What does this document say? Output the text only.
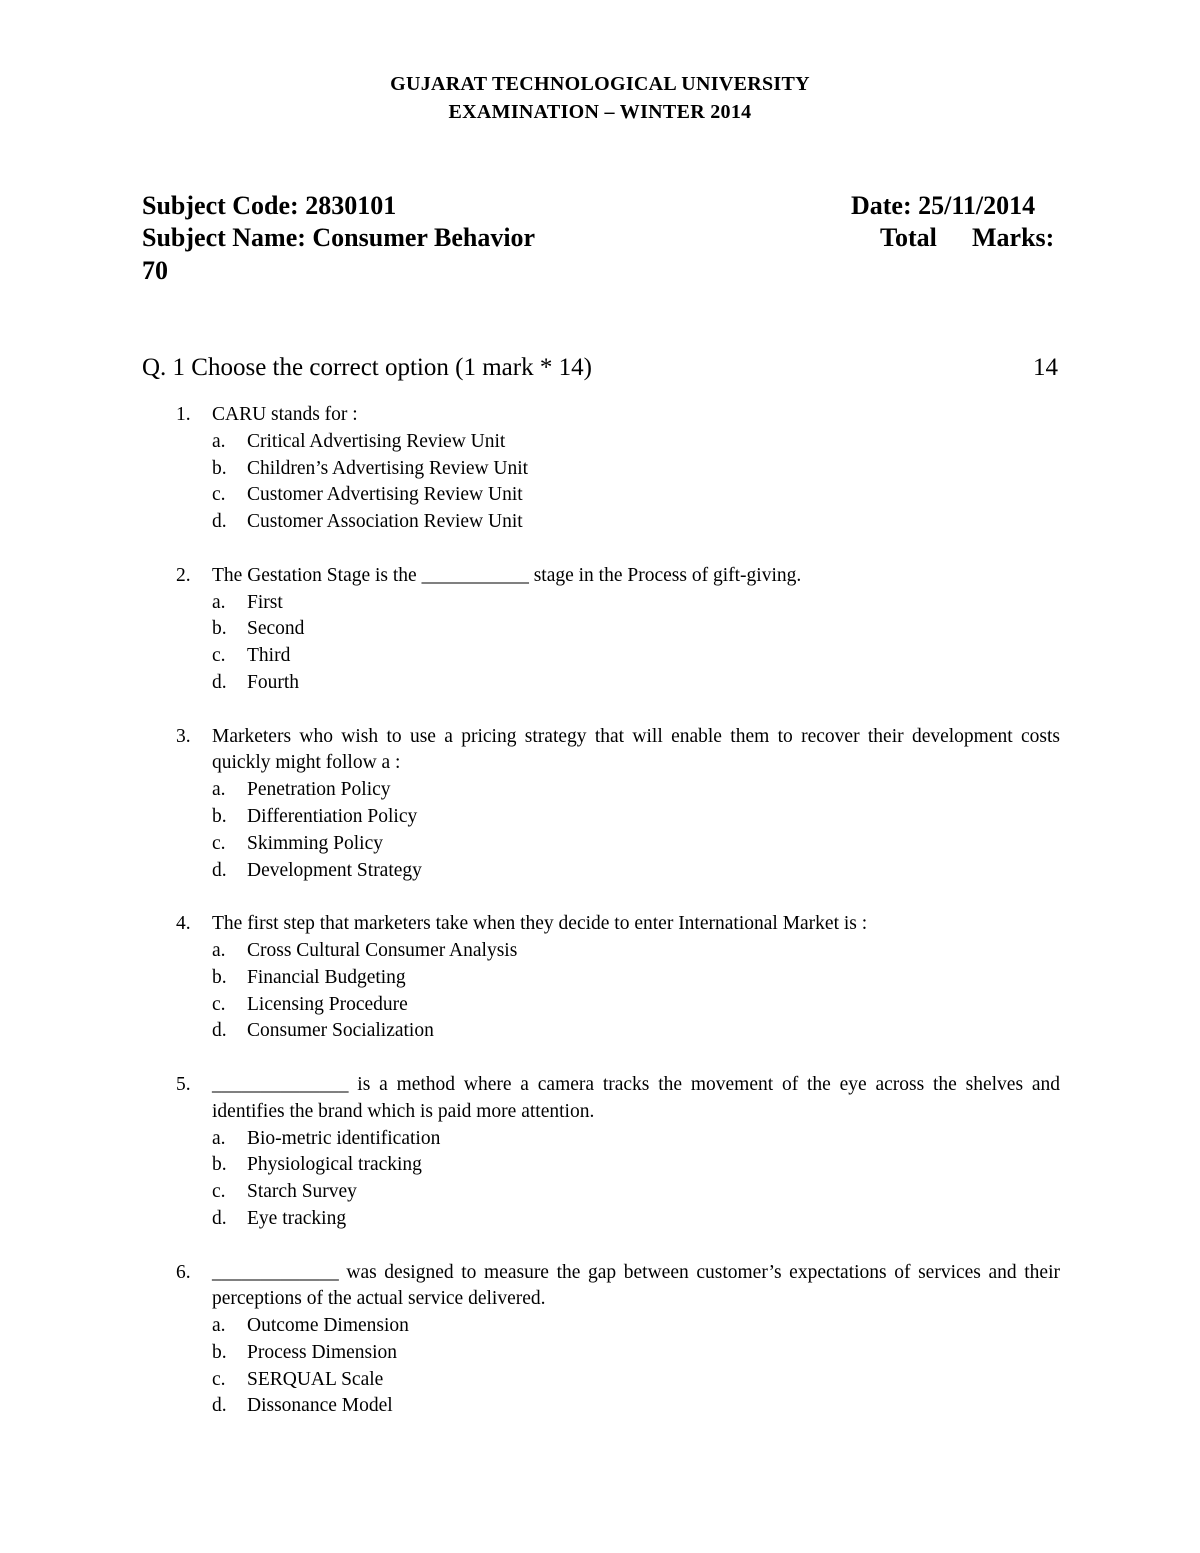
GUJARAT TECHNOLOGICAL UNIVERSITY
EXAMINATION – WINTER 2014
Subject Code: 2830101	Date: 25/11/2014
Subject Name: Consumer Behavior	Total Marks:
70
Q. 1 Choose the correct option (1 mark * 14)	14
1. CARU stands for :
a. Critical Advertising Review Unit
b. Children’s Advertising Review Unit
c. Customer Advertising Review Unit
d. Customer Association Review Unit
2. The Gestation Stage is the ___________ stage in the Process of gift-giving.
a. First
b. Second
c. Third
d. Fourth
3. Marketers who wish to use a pricing strategy that will enable them to recover their development costs quickly might follow a :
a. Penetration Policy
b. Differentiation Policy
c. Skimming Policy
d. Development Strategy
4. The first step that marketers take when they decide to enter International Market is :
a. Cross Cultural Consumer Analysis
b. Financial Budgeting
c. Licensing Procedure
d. Consumer Socialization
5. ______________ is a method where a camera tracks the movement of the eye across the shelves and identifies the brand which is paid more attention.
a. Bio-metric identification
b. Physiological tracking
c. Starch Survey
d. Eye tracking
6. _____________ was designed to measure the gap between customer’s expectations of services and their perceptions of the actual service delivered.
a. Outcome Dimension
b. Process Dimension
c. SERQUAL Scale
d. Dissonance Model
